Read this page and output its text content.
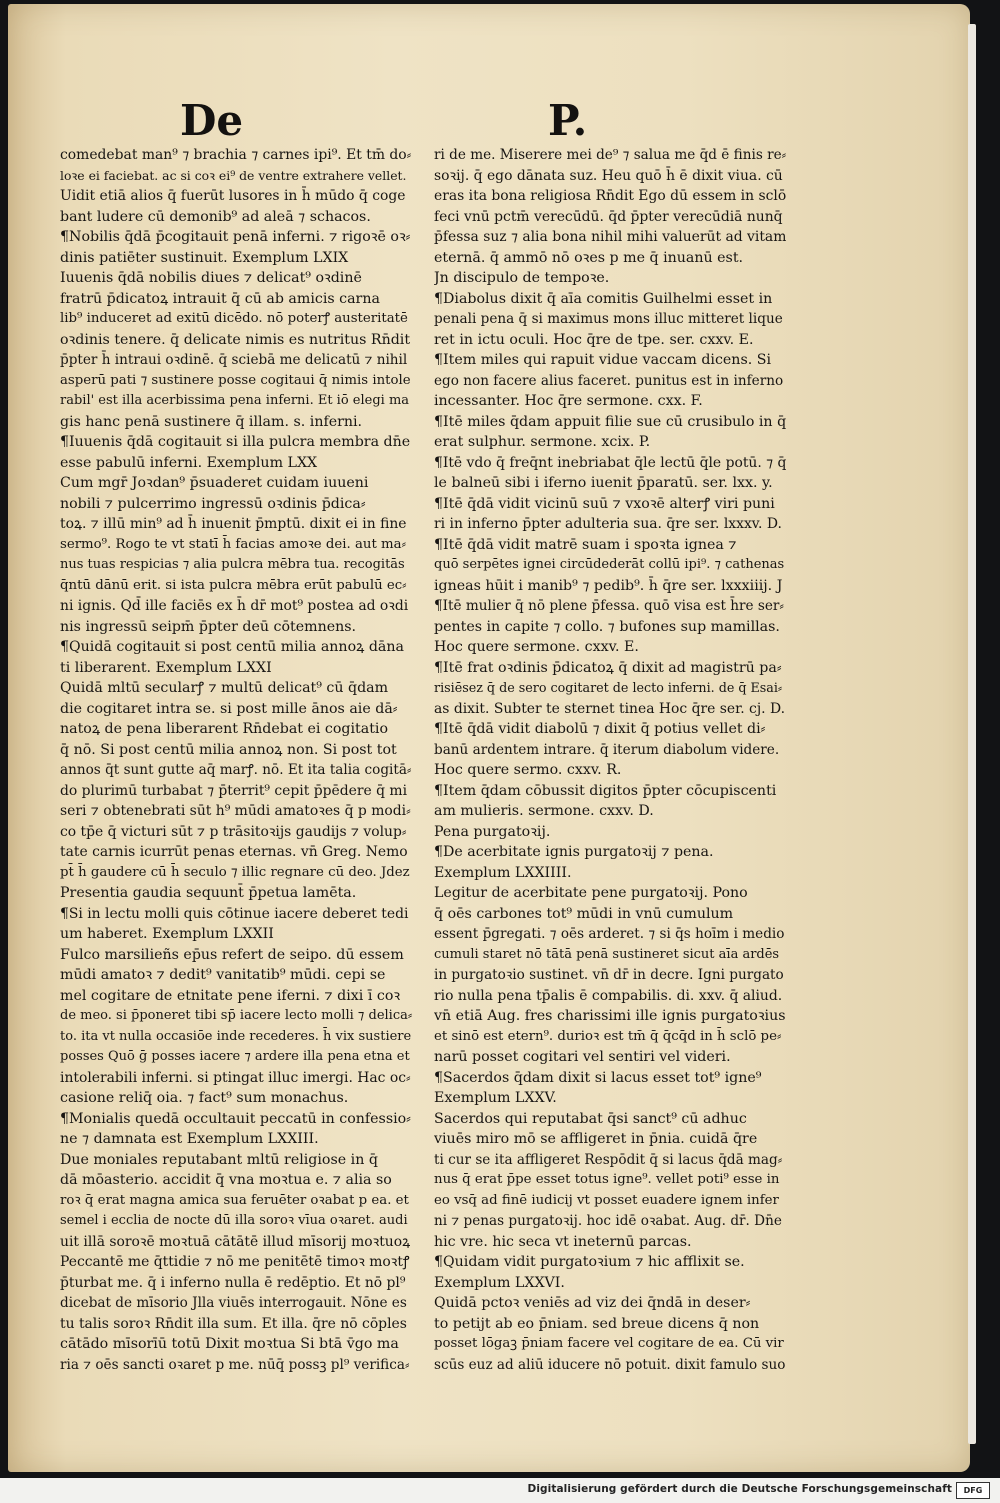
De	P.
comedebat man⁹ ⁊ brachia ⁊ carnes ipi⁹. Et tm̄ do⸗
loꝛe ei faciebat. ac si coꝛ ei⁹ de ventre extrahere vellet.
Uidit etiā alios q̄ fuerūt lusores in h̄ mūdo q̄ coge
bant ludere cū demonib⁹ ad aleā ⁊ schacos.
¶Nobilis q̄dā p̄cogitauit penā inferni. ⁊ rigoꝛē oꝛ⸗
dinis patiēter sustinuit. Exemplum LXIX
Iuuenis q̄dā nobilis diues ⁊ delicat⁹ oꝛdinē
fratrū p̄dicatoꝝ intrauit q̄ cū ab amicis carna
lib⁹ induceret ad exitū dicēdo. nō poterꝭ austeritatē
oꝛdinis tenere. q̄ delicate nimis es nutritus Rn̄dit
p̄pter h̄ intraui oꝛdinē. q̄ sciebā me delicatū ⁊ nihil
asperū pati ⁊ sustinere posse cogitaui q̄ nimis intole
rabil' est illa acerbissima pena inferni. Et iō elegi ma
gis hanc penā sustinere q̄ illam. s. inferni.
¶Iuuenis q̄dā cogitauit si illa pulcra membra dn̄e
esse pabulū inferni. Exemplum LXX
Cum mgr̄ Joꝛdan⁹ p̄suaderet cuidam iuueni
nobili ⁊ pulcerrimo ingressū oꝛdinis p̄dica⸗
toꝝ. ⁊ illū min⁹ ad h̄ inuenit p̄mptū. dixit ei in fine
sermo⁹. Rogo te vt statī h̄ facias amoꝛe dei. aut ma⸗
nus tuas respicias ⁊ alia pulcra mēbra tua. recogitās
q̄ntū dānū erit. si ista pulcra mēbra erūt pabulū ec⸗
ni ignis. Qd̄ ille faciēs ex h̄ dr̄ mot⁹ postea ad oꝛdi
nis ingressū seipm̄ p̄pter deū cōtemnens.
¶Quidā cogitauit si post centū milia annoꝝ dāna
ti liberarent. Exemplum LXXI
Quidā mltū secularꝭ ⁊ multū delicat⁹ cū q̄dam
die cogitaret intra se. si post mille ānos aie dā⸗
natoꝝ de pena liberarent Rn̄debat ei cogitatio
q̄ nō. Si post centū milia annoꝝ non. Si post tot
annos q̄t sunt gutte aq̄ marꝭ. nō. Et ita talia cogitā⸗
do plurimū turbabat ⁊ p̄territ⁹ cepit p̄pēdere q̄ mi
seri ⁊ obtenebrati sūt h⁹ mūdi amatoꝛes q̄ p modi⸗
co tp̄e q̄ victuri sūt ⁊ p trāsitoꝛijs gaudijs ⁊ volup⸗
tate carnis icurrūt penas eternas. vn̄ Greg. Nemo
pt̄ h̄ gaudere cū h̄ seculo ⁊ illic regnare cū deo. Jdez
Presentia gaudia sequunt̄ p̄petua lamēta.
¶Si in lectu molli quis cōtinue iacere deberet tedi
um haberet. Exemplum LXXII
Fulco marsilieñs ep̄us refert de seipo. dū essem
mūdi amatoꝛ ⁊ dedit⁹ vanitatib⁹ mūdi. cepi se
mel cogitare de etnitate pene iferni. ⁊ dixi ī coꝛ
de meo. si p̄poneret tibi sp̄ iacere lecto molli ⁊ delica⸗
to. ita vt nulla occasiōe inde recederes. h̄ vix sustiere
posses Quō ḡ posses iacere ⁊ ardere illa pena etna et
intolerabili inferni. si ptingat illuc imergi. Hac oc⸗
casione reliq̄ oia. ⁊ fact⁹ sum monachus.
¶Monialis quedā occultauit peccatū in confessio⸗
ne ⁊ damnata est Exemplum LXXIII.
Due moniales reputabant mltū religiose in q̄
dā mōasterio. accidit q̄ vna moꝛtua e. ⁊ alia so
roꝛ q̄ erat magna amica sua feruēter oꝛabat p ea. et
semel i ecclia de nocte dū illa soroꝛ vīua oꝛaret. audi
uit illā soroꝛē moꝛtuā cātātē illud mīsorij moꝛtuoꝝ
Peccantē me q̄ttidie ⁊ nō me penitētē timoꝛ moꝛtꝭ
p̄turbat me. q̄ i inferno nulla ē redēptio. Et nō pl⁹
dicebat de mīsorio Jlla viuēs interrogauit. Nōne es
tu talis soroꝛ Rn̄dit illa sum. Et illa. q̄re nō cōples
cātādo mīsorīū totū Dixit moꝛtua Si btā v̄go ma
ria ⁊ oēs sancti oꝛaret p me. nūq̄ possꝫ pl⁹ verifica⸗
ri de me. Miserere mei de⁹ ⁊ salua me q̄d ē finis re⸗
soꝛij. q̄ ego dānata suz. Heu quō h̄ ē dixit viua. cū
eras ita bona religiosa Rn̄dit Ego dū essem in sclō
feci vnū pctm̄ verecūdū. q̄d p̄pter verecūdiā nunq̄
p̄fessa suz ⁊ alia bona nihil mihi valuerūt ad vitam
eternā. q̄ ammō nō oꝛes p me q̄ inuanū est.
Jn discipulo de tempoꝛe.
¶Diabolus dixit q̄ aīa comitis Guilhelmi esset in
penali pena q̄ si maximus mons illuc mitteret lique
ret in ictu oculi. Hoc q̄re de tpe. ser. cxxv. E.
¶Item miles qui rapuit vidue vaccam dicens. Si
ego non facere alius faceret. punitus est in inferno
incessanter. Hoc q̄re sermone. cxx. F.
¶Itē miles q̄dam appuit filie sue cū crusibulo in q̄
erat sulphur. sermone. xcix. P.
¶Itē vdo q̄ freq̄nt inebriabat q̄le lectū q̄le potū. ⁊ q̄
le balneū sibi i iferno iuenit p̄paratū. ser. lxx. y.
¶Itē q̄dā vidit vicinū suū ⁊ vxoꝛē alterꝭ viri puni
ri in inferno p̄pter adulteria sua. q̄re ser. lxxxv. D.
¶Itē q̄dā vidit matrē suam i spoꝛta ignea ⁊
quō serpētes ignei circūdederāt collū ipi⁹. ⁊ cathenas
igneas hūit i manib⁹ ⁊ pedib⁹. h̄ q̄re ser. lxxxiiij. J
¶Itē mulier q̄ nō plene p̄fessa. quō visa est h̄re ser⸗
pentes in capite ⁊ collo. ⁊ bufones sup mamillas.
Hoc quere sermone. cxxv. E.
¶Itē frat oꝛdinis p̄dicatoꝝ q̄ dixit ad magistrū pa⸗
risiēsez q̄ de sero cogitaret de lecto inferni. de q̄ Esai⸗
as dixit. Subter te sternet tinea Hoc q̄re ser. cj. D.
¶Itē q̄dā vidit diabolū ⁊ dixit q̄ potius vellet di⸗
banū ardentem intrare. q̄ iterum diabolum videre.
Hoc quere sermo. cxxv. R.
¶Item q̄dam cōbussit digitos p̄pter cōcupiscenti
am mulieris. sermone. cxxv. D.
Pena purgatoꝛij.
¶De acerbitate ignis purgatoꝛij ⁊ pena.
Exemplum LXXIIII.
Legitur de acerbitate pene purgatoꝛij. Pono
q̄ oēs carbones tot⁹ mūdi in vnū cumulum
essent p̄gregati. ⁊ oēs arderet. ⁊ si q̄s hoīm i medio
cumuli staret nō tātā penā sustineret sicut aīa ardēs
in purgatoꝛio sustinet. vn̄ dr̄ in decre. Igni purgato
rio nulla pena tp̄alis ē compabilis. di. xxv. q̄ aliud.
vn̄ etiā Aug. fres charissimi ille ignis purgatoꝛius
et sinō est etern⁹. durioꝛ est tm̄ q̄ q̄cq̄d in h̄ sclō pe⸗
narū posset cogitari vel sentiri vel videri.
¶Sacerdos q̄dam dixit si lacus esset tot⁹ igne⁹
Exemplum LXXV.
Sacerdos qui reputabat q̄si sanct⁹ cū adhuc
viuēs miro mō se affligeret in p̄nia. cuidā q̄re
ti cur se ita affligeret Respōdit q̄ si lacus q̄dā mag⸗
nus q̄ erat p̄pe esset totus igne⁹. vellet poti⁹ esse in
eo vsq̄ ad finē iudicij vt posset euadere ignem infer
ni ⁊ penas purgatoꝛij. hoc idē oꝛabat. Aug. dr̄. Dn̄e
hic vre. hic seca vt ineternū parcas.
¶Quidam vidit purgatoꝛium ⁊ hic afflixit se.
Exemplum LXXVI.
Quidā pctoꝛ veniēs ad viz dei q̄ndā in deser⸗
to petijt ab eo p̄niam. sed breue dicens q̄ non
posset lōgaꝫ p̄niam facere vel cogitare de ea. Cū vir
scūs euz ad aliū iducere nō potuit. dixit famulo suo
Digitalisierung gefördert durch die Deutsche Forschungsgemeinschaft	DFG
